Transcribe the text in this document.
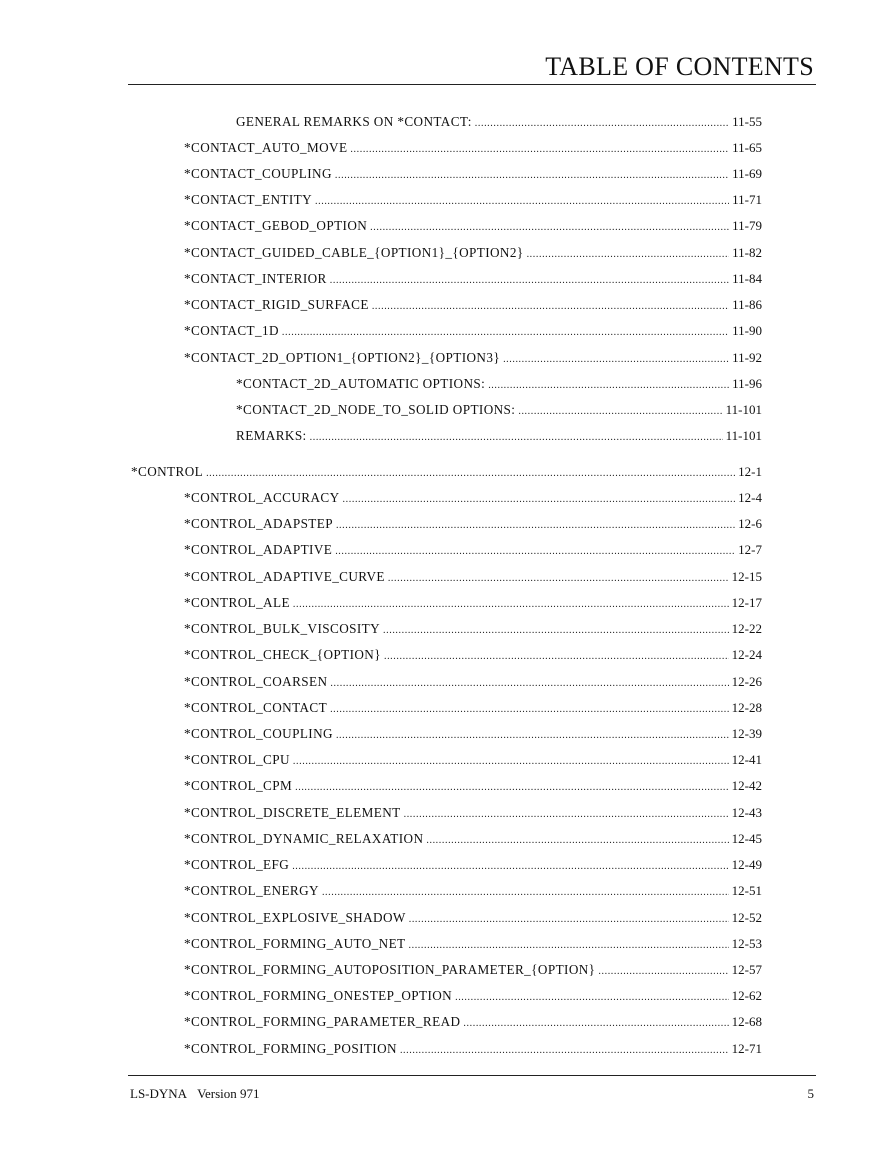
TABLE OF CONTENTS
GENERAL REMARKS ON *CONTACT: .....	11-55
*CONTACT_AUTO_MOVE .....	11-65
*CONTACT_COUPLING .....	11-69
*CONTACT_ENTITY .....	11-71
*CONTACT_GEBOD_OPTION .....	11-79
*CONTACT_GUIDED_CABLE_{OPTION1}_{OPTION2} .....	11-82
*CONTACT_INTERIOR .....	11-84
*CONTACT_RIGID_SURFACE .....	11-86
*CONTACT_1D .....	11-90
*CONTACT_2D_OPTION1_{OPTION2}_{OPTION3} .....	11-92
*CONTACT_2D_AUTOMATIC OPTIONS: .....	11-96
*CONTACT_2D_NODE_TO_SOLID OPTIONS: .....	11-101
REMARKS: .....	11-101
*CONTROL .....	12-1
*CONTROL_ACCURACY .....	12-4
*CONTROL_ADAPSTEP .....	12-6
*CONTROL_ADAPTIVE .....	12-7
*CONTROL_ADAPTIVE_CURVE .....	12-15
*CONTROL_ALE .....	12-17
*CONTROL_BULK_VISCOSITY .....	12-22
*CONTROL_CHECK_{OPTION} .....	12-24
*CONTROL_COARSEN .....	12-26
*CONTROL_CONTACT .....	12-28
*CONTROL_COUPLING .....	12-39
*CONTROL_CPU .....	12-41
*CONTROL_CPM .....	12-42
*CONTROL_DISCRETE_ELEMENT .....	12-43
*CONTROL_DYNAMIC_RELAXATION .....	12-45
*CONTROL_EFG .....	12-49
*CONTROL_ENERGY .....	12-51
*CONTROL_EXPLOSIVE_SHADOW .....	12-52
*CONTROL_FORMING_AUTO_NET .....	12-53
*CONTROL_FORMING_AUTOPOSITION_PARAMETER_{OPTION} .....	12-57
*CONTROL_FORMING_ONESTEP_OPTION .....	12-62
*CONTROL_FORMING_PARAMETER_READ .....	12-68
*CONTROL_FORMING_POSITION .....	12-71
LS-DYNA Version 971	5
